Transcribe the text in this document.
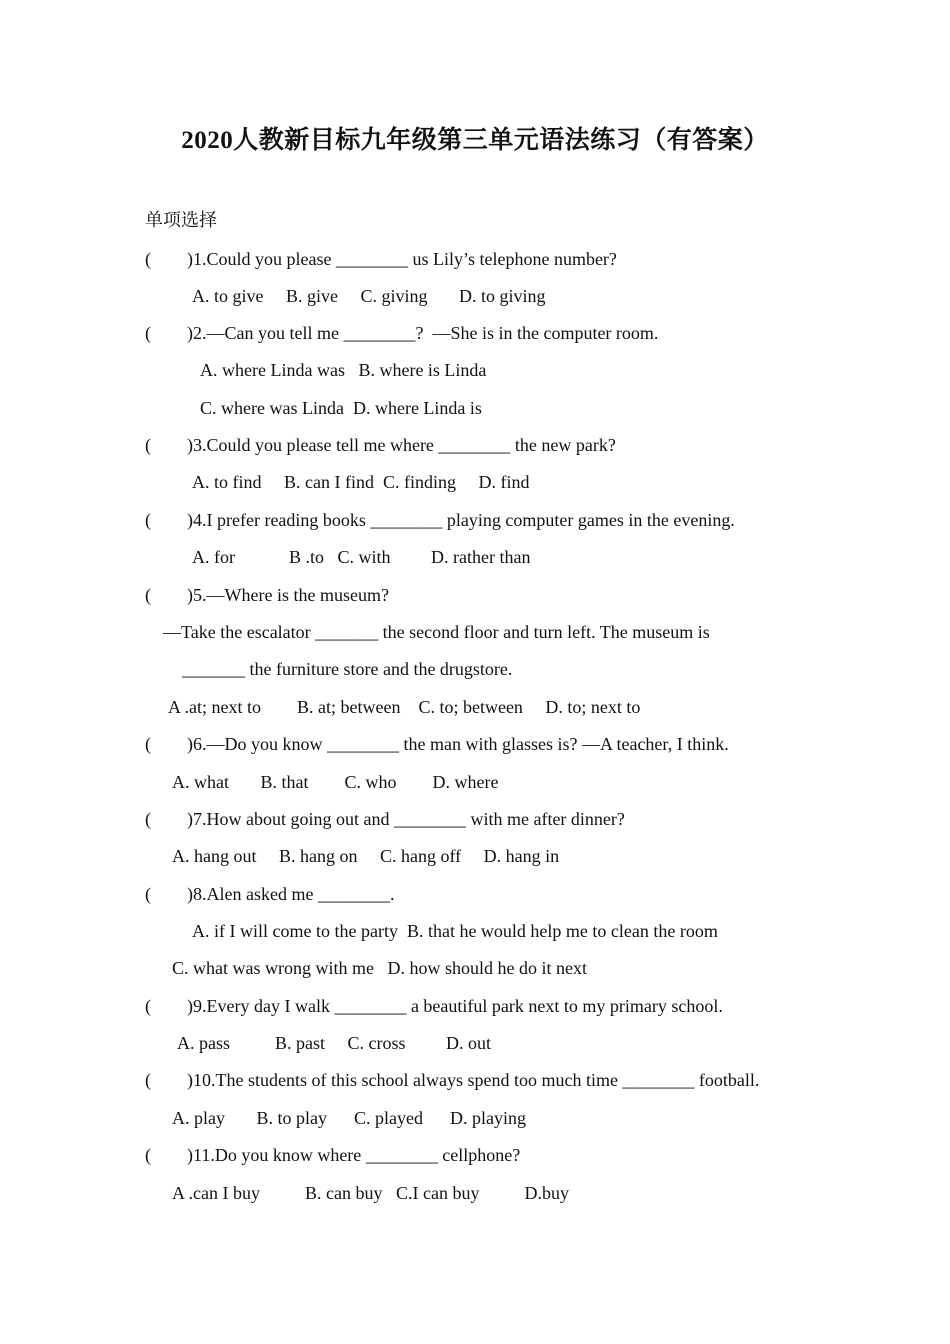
2020人教新目标九年级第三单元语法练习（有答案）
单项选择
(        )1.Could you please ________ us Lily’s telephone number?
A. to give     B. give     C. giving       D. to giving
(        )2.—Can you tell me ________?  —She is in the computer room.
A. where Linda was   B. where is Linda
C. where was Linda  D. where Linda is
(        )3.Could you please tell me where ________ the new park?
A. to find     B. can I find  C. finding     D. find
(        )4.I prefer reading books ________ playing computer games in the evening.
A. for            B .to   C. with         D. rather than
(        )5.—Where is the museum?
—Take the escalator _______ the second floor and turn left. The museum is
_______ the furniture store and the drugstore.
A .at; next to        B. at; between    C. to; between     D. to; next to
(        )6.—Do you know ________ the man with glasses is? —A teacher, I think.
A. what       B. that        C. who        D. where
(        )7.How about going out and ________ with me after dinner?
A. hang out     B. hang on     C. hang off     D. hang in
(        )8.Alen asked me ________.
A. if I will come to the party  B. that he would help me to clean the room
C. what was wrong with me   D. how should he do it next
(        )9.Every day I walk ________ a beautiful park next to my primary school.
A. pass          B. past     C. cross         D. out
(        )10.The students of this school always spend too much time ________ football.
A. play       B. to play      C. played      D. playing
(        )11.Do you know where ________ cellphone?
A .can I buy          B. can buy   C.I can buy          D.buy
